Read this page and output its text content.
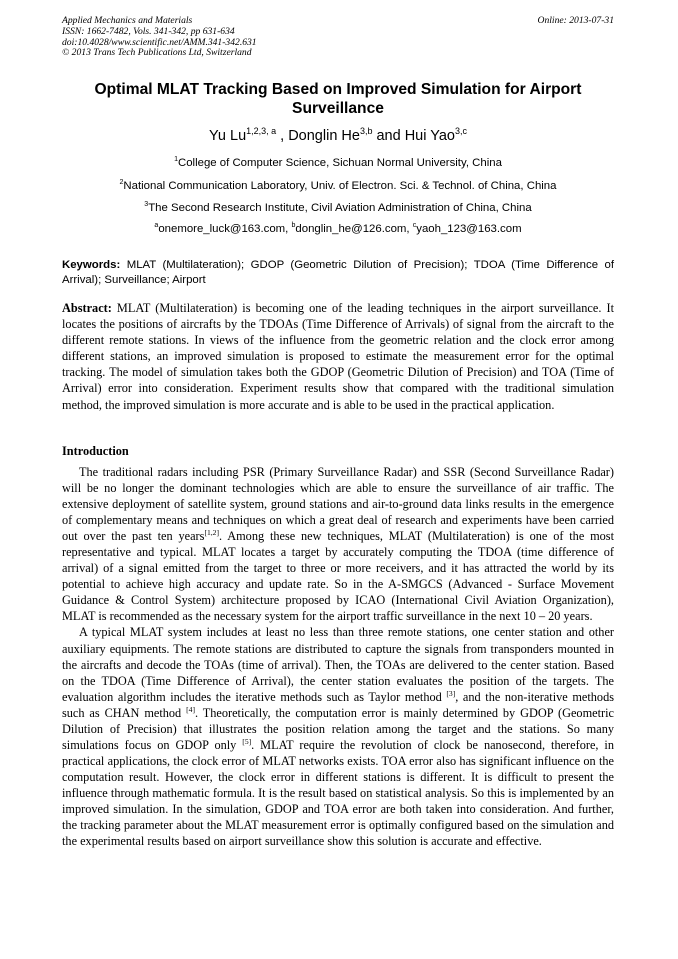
Applied Mechanics and Materials
ISSN: 1662-7482, Vols. 341-342, pp 631-634
doi:10.4028/www.scientific.net/AMM.341-342.631
© 2013 Trans Tech Publications Ltd, Switzerland
Online: 2013-07-31
Optimal MLAT Tracking Based on Improved Simulation for Airport Surveillance
Yu Lu$^{1,2,3, a}$ , Donglin He$^{3,b}$ and Hui Yao$^{3,c}$
$^1$College of Computer Science, Sichuan Normal University, China
$^2$National Communication Laboratory, Univ. of Electron. Sci. & Technol. of China, China
$^3$The Second Research Institute, Civil Aviation Administration of China, China
$^a$onemore_luck@163.com, $^b$donglin_he@126.com, $^c$yaoh_123@163.com
Keywords: MLAT (Multilateration); GDOP (Geometric Dilution of Precision); TDOA (Time Difference of Arrival); Surveillance; Airport
Abstract: MLAT (Multilateration) is becoming one of the leading techniques in the airport surveillance. It locates the positions of aircrafts by the TDOAs (Time Difference of Arrivals) of signal from the aircraft to the different remote stations. In views of the influence from the geometric relation and the clock error among different stations, an improved simulation is proposed to estimate the measurement error for the optimal tracking. The model of simulation takes both the GDOP (Geometric Dilution of Precision) and TOA (Time of Arrival) error into consideration. Experiment results show that compared with the traditional simulation method, the improved simulation is more accurate and is able to be used in the practical application.
Introduction

The traditional radars including PSR (Primary Surveillance Radar) and SSR (Second Surveillance Radar) will be no longer the dominant technologies which are able to ensure the surveillance of air traffic. The extensive deployment of satellite system, ground stations and air-to-ground data links results in the emergence of complementary means and techniques on which a great deal of research and experiments have been carried out over the past ten years[1,2]. Among these new techniques, MLAT (Multilateration) is one of the most representative and typical. MLAT locates a target by accurately computing the TDOA (time difference of arrival) of a signal emitted from the target to three or more receivers, and it has attracted the world by its potential to achieve high accuracy and update rate. So in the A-SMGCS (Advanced - Surface Movement Guidance & Control System) architecture proposed by ICAO (International Civil Aviation Organization), MLAT is recommended as the necessary system for the airport traffic surveillance in the next 10 – 20 years.

A typical MLAT system includes at least no less than three remote stations, one center station and other auxiliary equipments. The remote stations are distributed to capture the signals from transponders mounted in the aircrafts and decode the TOAs (time of arrival). Then, the TOAs are delivered to the center station. Based on the TDOA (Time Difference of Arrival), the center station evaluates the position of the targets. The evaluation algorithm includes the iterative methods such as Taylor method [3], and the non-iterative methods such as CHAN method [4]. Theoretically, the computation error is mainly determined by GDOP (Geometric Dilution of Precision) that illustrates the position relation among the target and the stations. So many simulations focus on GDOP only [5]. MLAT require the revolution of clock be nanosecond, therefore, in practical applications, the clock error of MLAT networks exists. TOA error also has significant influence on the computation result. However, the clock error in different stations is different. It is difficult to present the influence through mathematic formula. It is the result based on statistical analysis. So this is implemented by an improved simulation. In the simulation, GDOP and TOA error are both taken into consideration. And further, the tracking parameter about the MLAT measurement error is optimally configured based on the simulation and the experimental results based on airport surveillance show this solution is accurate and effective.
